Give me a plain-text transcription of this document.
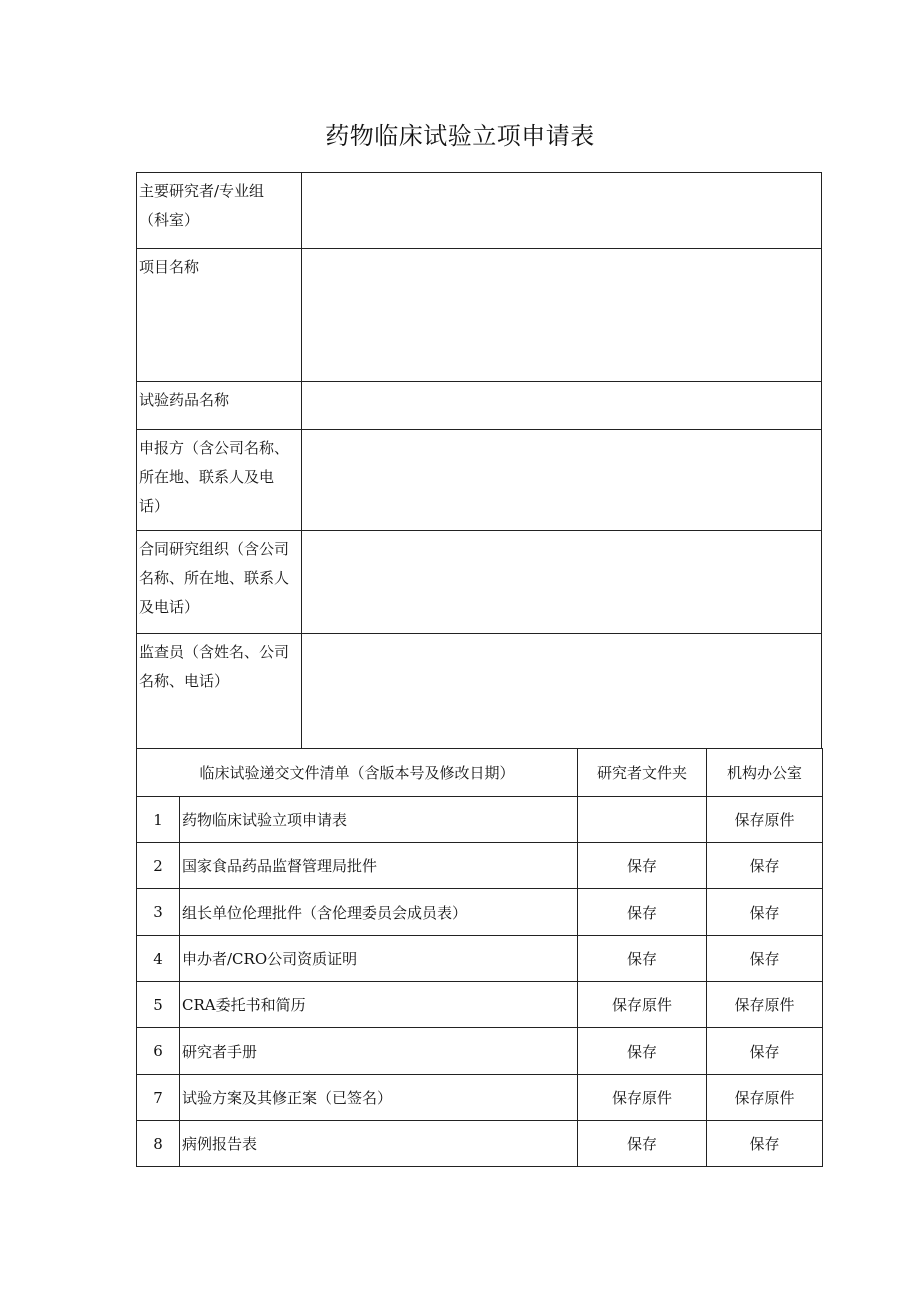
药物临床试验立项申请表
主要研究者/专业组
（科室）	

项目名称	

试验药品名称	

申报方（含公司名称、
所在地、联系人及电
话）	

合同研究组织（含公司
名称、所在地、联系人
及电话）	

监查员（含姓名、公司
名称、电话）	

临床试验递交文件清单（含版本号及修改日期）		研究者文件夹	机构办公室
1	药物临床试验立项申请表		保存原件
2	国家食品药品监督管理局批件	保存	保存
3	组长单位伦理批件（含伦理委员会成员表）	保存	保存
4	申办者/CRO公司资质证明	保存	保存
5	CRA委托书和简历	保存原件	保存原件
6	研究者手册	保存	保存
7	试验方案及其修正案（已签名）	保存原件	保存原件
8	病例报告表	保存	保存
